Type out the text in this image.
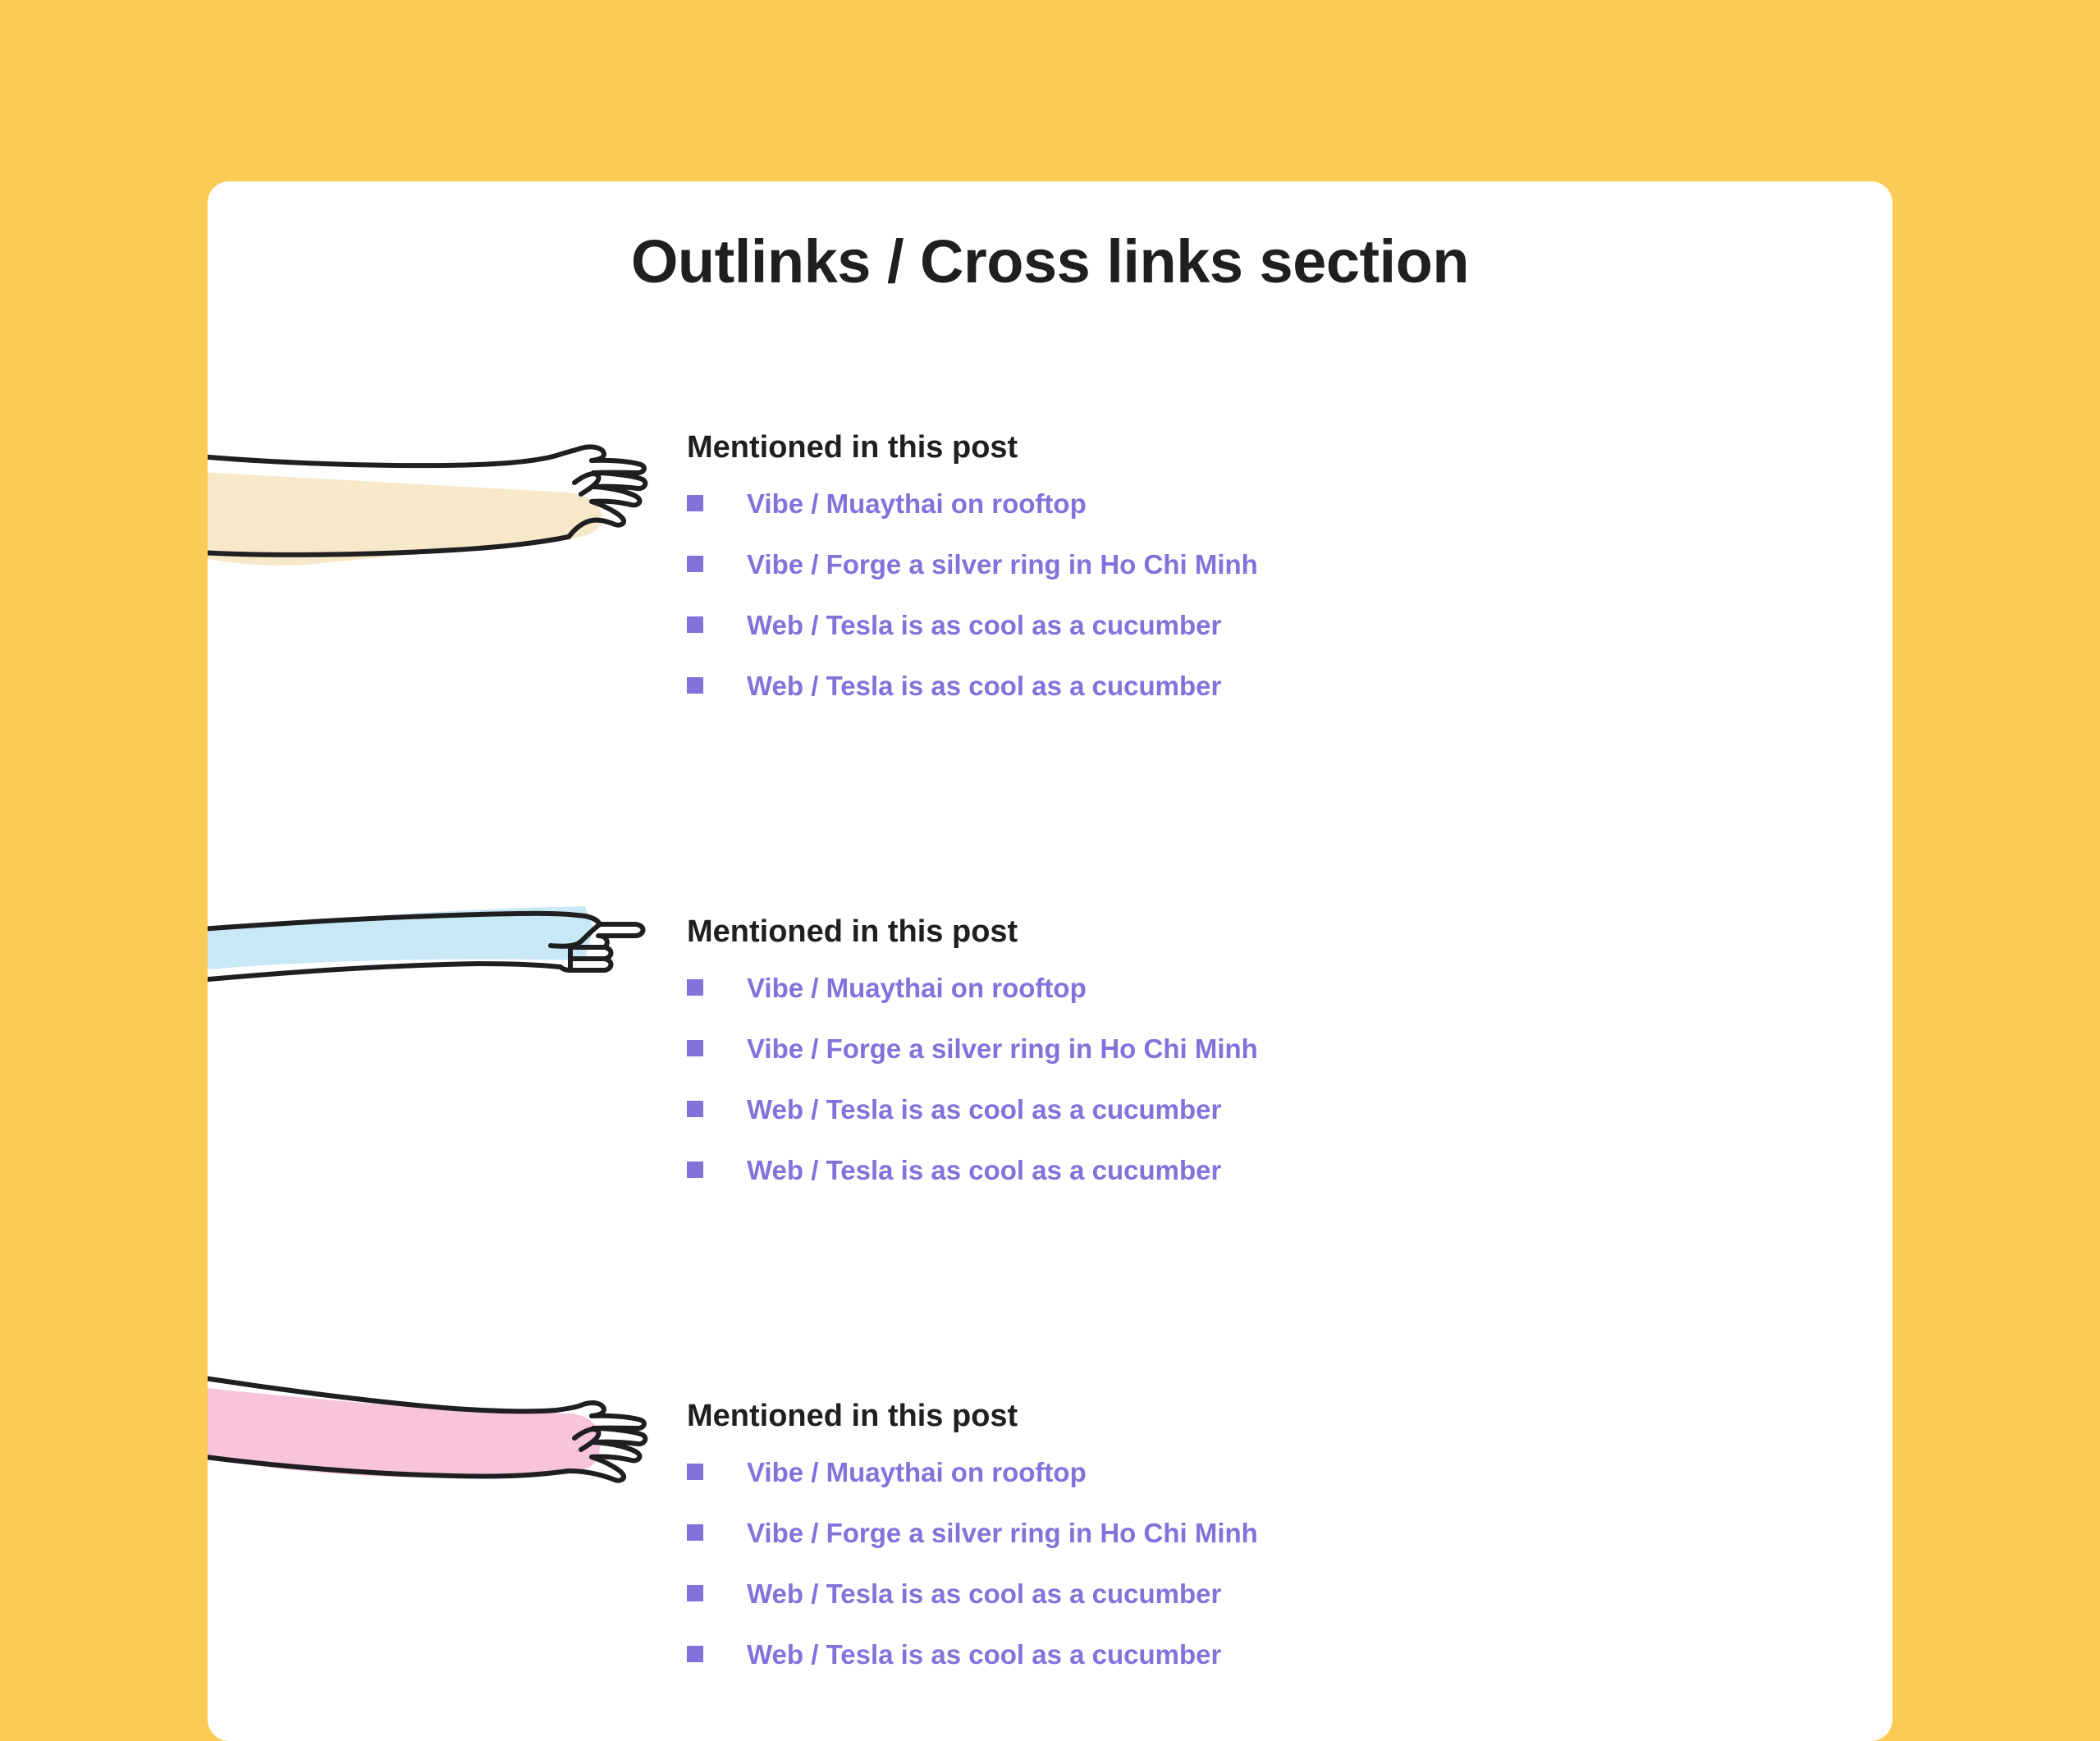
Outlinks / Cross links section
Mentioned in this post
Vibe / Muaythai on rooftop
Vibe / Forge a silver ring in Ho Chi Minh
Web / Tesla is as cool as a cucumber
Web / Tesla is as cool as a cucumber
Mentioned in this post
Vibe / Muaythai on rooftop
Vibe / Forge a silver ring in Ho Chi Minh
Web / Tesla is as cool as a cucumber
Web / Tesla is as cool as a cucumber
Mentioned in this post
Vibe / Muaythai on rooftop
Vibe / Forge a silver ring in Ho Chi Minh
Web / Tesla is as cool as a cucumber
Web / Tesla is as cool as a cucumber
